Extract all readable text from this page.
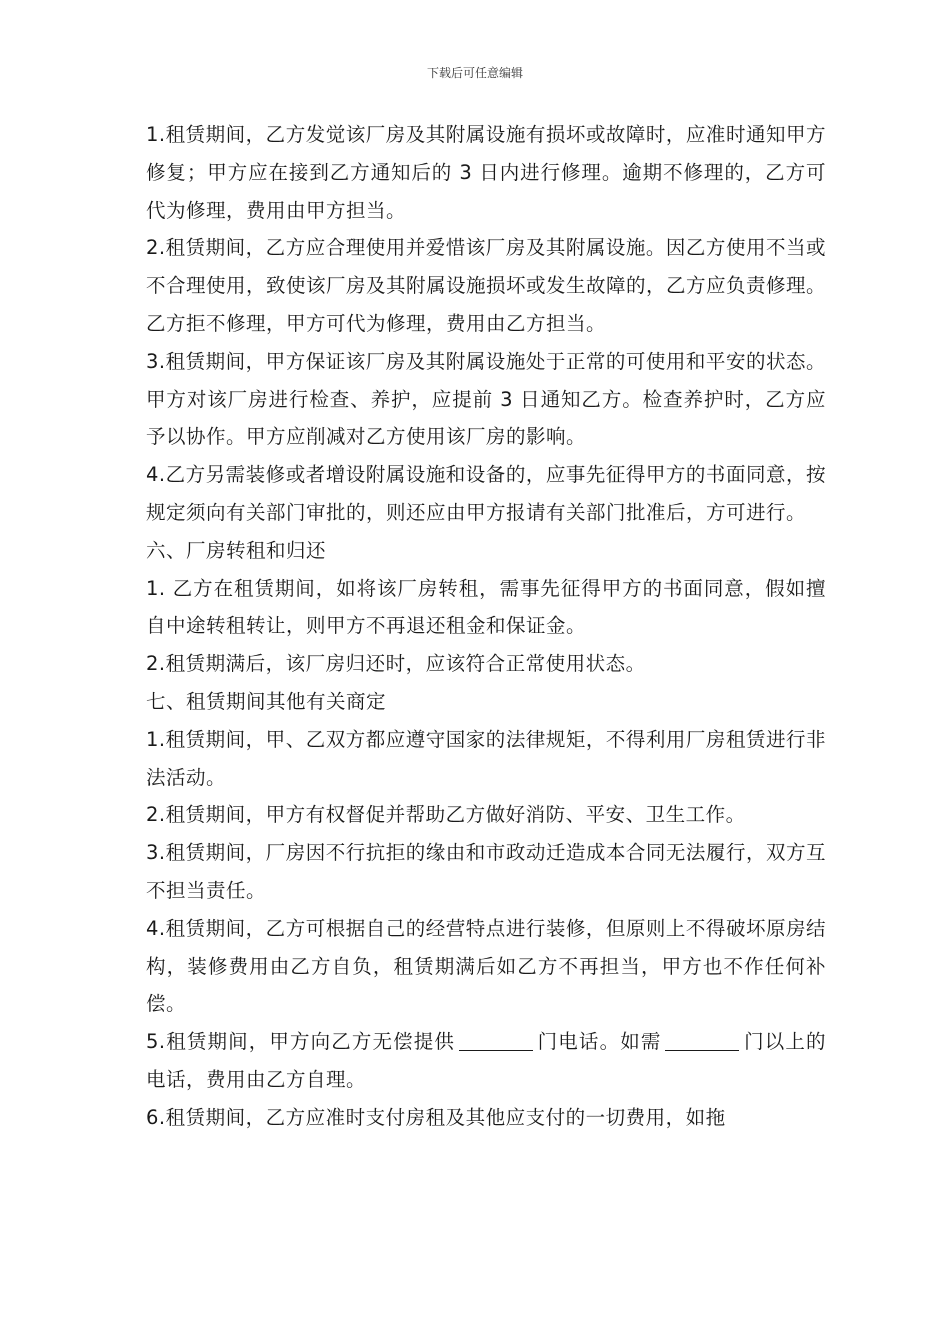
下载后可任意编辑

1.租赁期间，乙方发觉该厂房及其附属设施有损坏或故障时，应准时通知甲方修复；甲方应在接到乙方通知后的 3 日内进行修理。逾期不修理的，乙方可代为修理，费用由甲方担当。

2.租赁期间，乙方应合理使用并爱惜该厂房及其附属设施。因乙方使用不当或不合理使用，致使该厂房及其附属设施损坏或发生故障的，乙方应负责修理。乙方拒不修理，甲方可代为修理，费用由乙方担当。

3.租赁期间，甲方保证该厂房及其附属设施处于正常的可使用和平安的状态。甲方对该厂房进行检查、养护，应提前 3 日通知乙方。检查养护时，乙方应予以协作。甲方应削减对乙方使用该厂房的影响。

4.乙方另需装修或者增设附属设施和设备的，应事先征得甲方的书面同意，按规定须向有关部门审批的，则还应由甲方报请有关部门批准后，方可进行。

六、厂房转租和归还

1. 乙方在租赁期间，如将该厂房转租，需事先征得甲方的书面同意，假如擅自中途转租转让，则甲方不再退还租金和保证金。

2.租赁期满后，该厂房归还时，应该符合正常使用状态。

七、租赁期间其他有关商定

1.租赁期间，甲、乙双方都应遵守国家的法律规矩，不得利用厂房租赁进行非法活动。

2.租赁期间，甲方有权督促并帮助乙方做好消防、平安、卫生工作。

3.租赁期间，厂房因不行抗拒的缘由和市政动迁造成本合同无法履行，双方互不担当责任。

4.租赁期间，乙方可根据自己的经营特点进行装修，但原则上不得破坏原房结构，装修费用由乙方自负，租赁期满后如乙方不再担当，甲方也不作任何补偿。

5.租赁期间，甲方向乙方无偿提供	门电话。如需	门以上的电话，费用由乙方自理。

6.租赁期间，乙方应准时支付房租及其他应支付的一切费用，如拖
